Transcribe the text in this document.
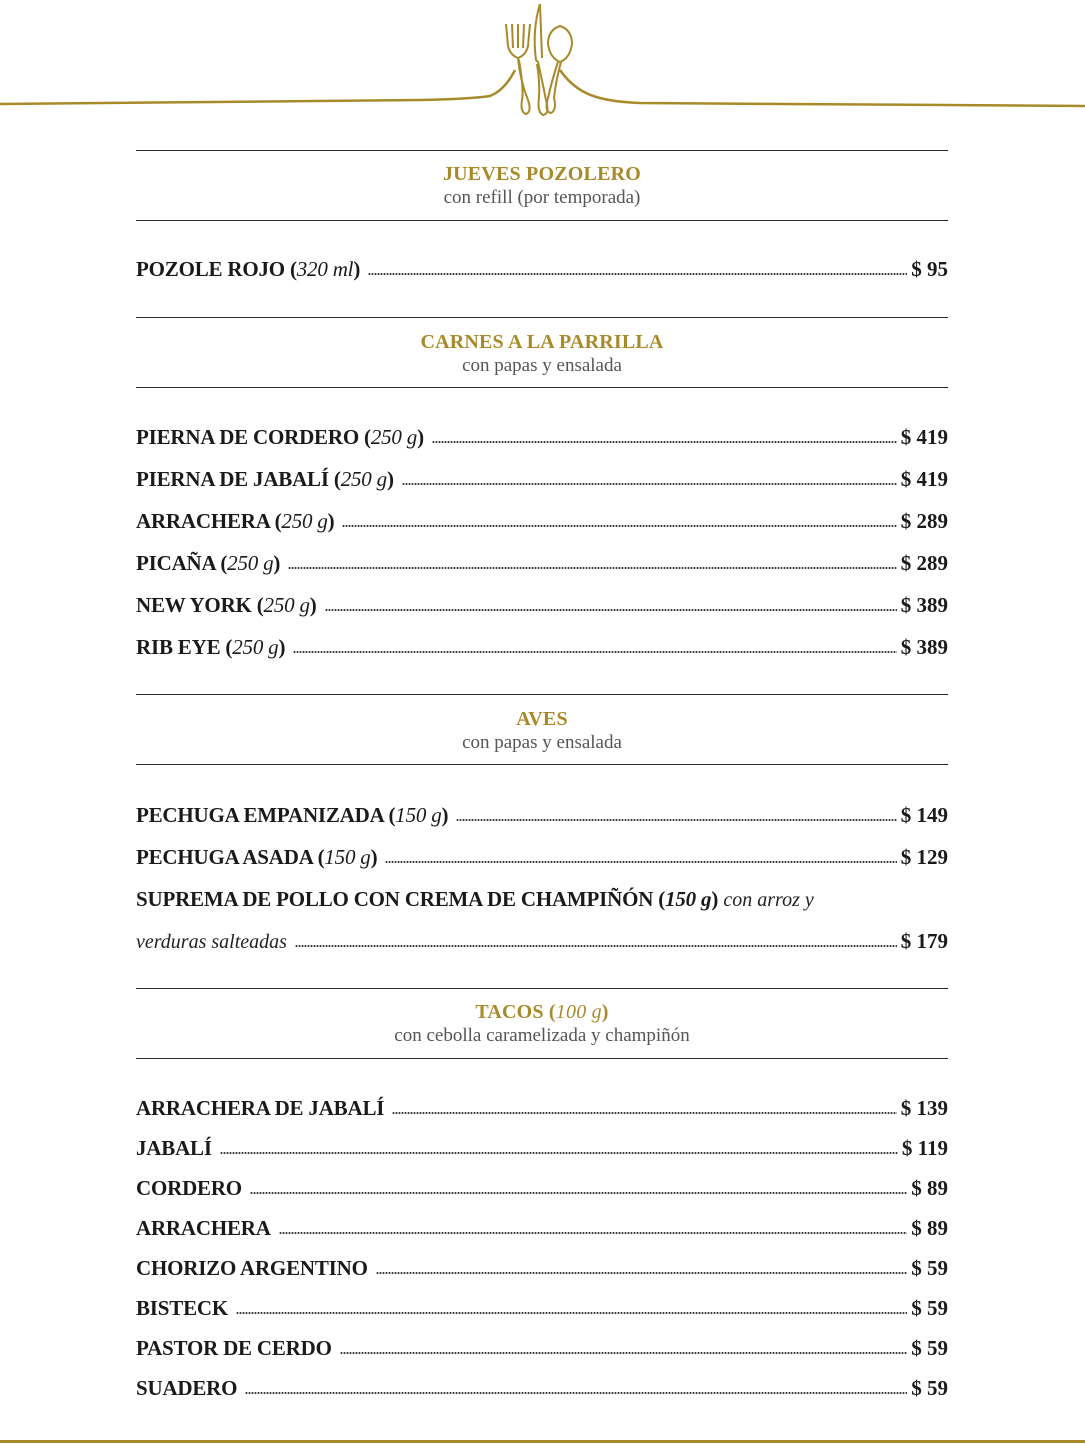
JUEVES POZOLERO
con refill (por temporada)
POZOLE ROJO (320 ml)	$ 95
CARNES A LA PARRILLA
con papas y ensalada
PIERNA DE CORDERO (250 g)	$ 419
PIERNA DE JABALÍ (250 g)	$ 419
ARRACHERA (250 g)	$ 289
PICAÑA (250 g)	$ 289
NEW YORK (250 g)	$ 389
RIB EYE (250 g)	$ 389
AVES
con papas y ensalada
PECHUGA EMPANIZADA (150 g)	$ 149
PECHUGA ASADA (150 g)	$ 129
SUPREMA DE POLLO CON CREMA DE CHAMPIÑÓN (150 g) con arroz y
verduras salteadas	$ 179
TACOS (100 g)
con cebolla caramelizada y champiñón
ARRACHERA DE JABALÍ	$ 139
JABALÍ	$ 119
CORDERO	$ 89
ARRACHERA	$ 89
CHORIZO ARGENTINO	$ 59
BISTECK	$ 59
PASTOR DE CERDO	$ 59
SUADERO	$ 59
